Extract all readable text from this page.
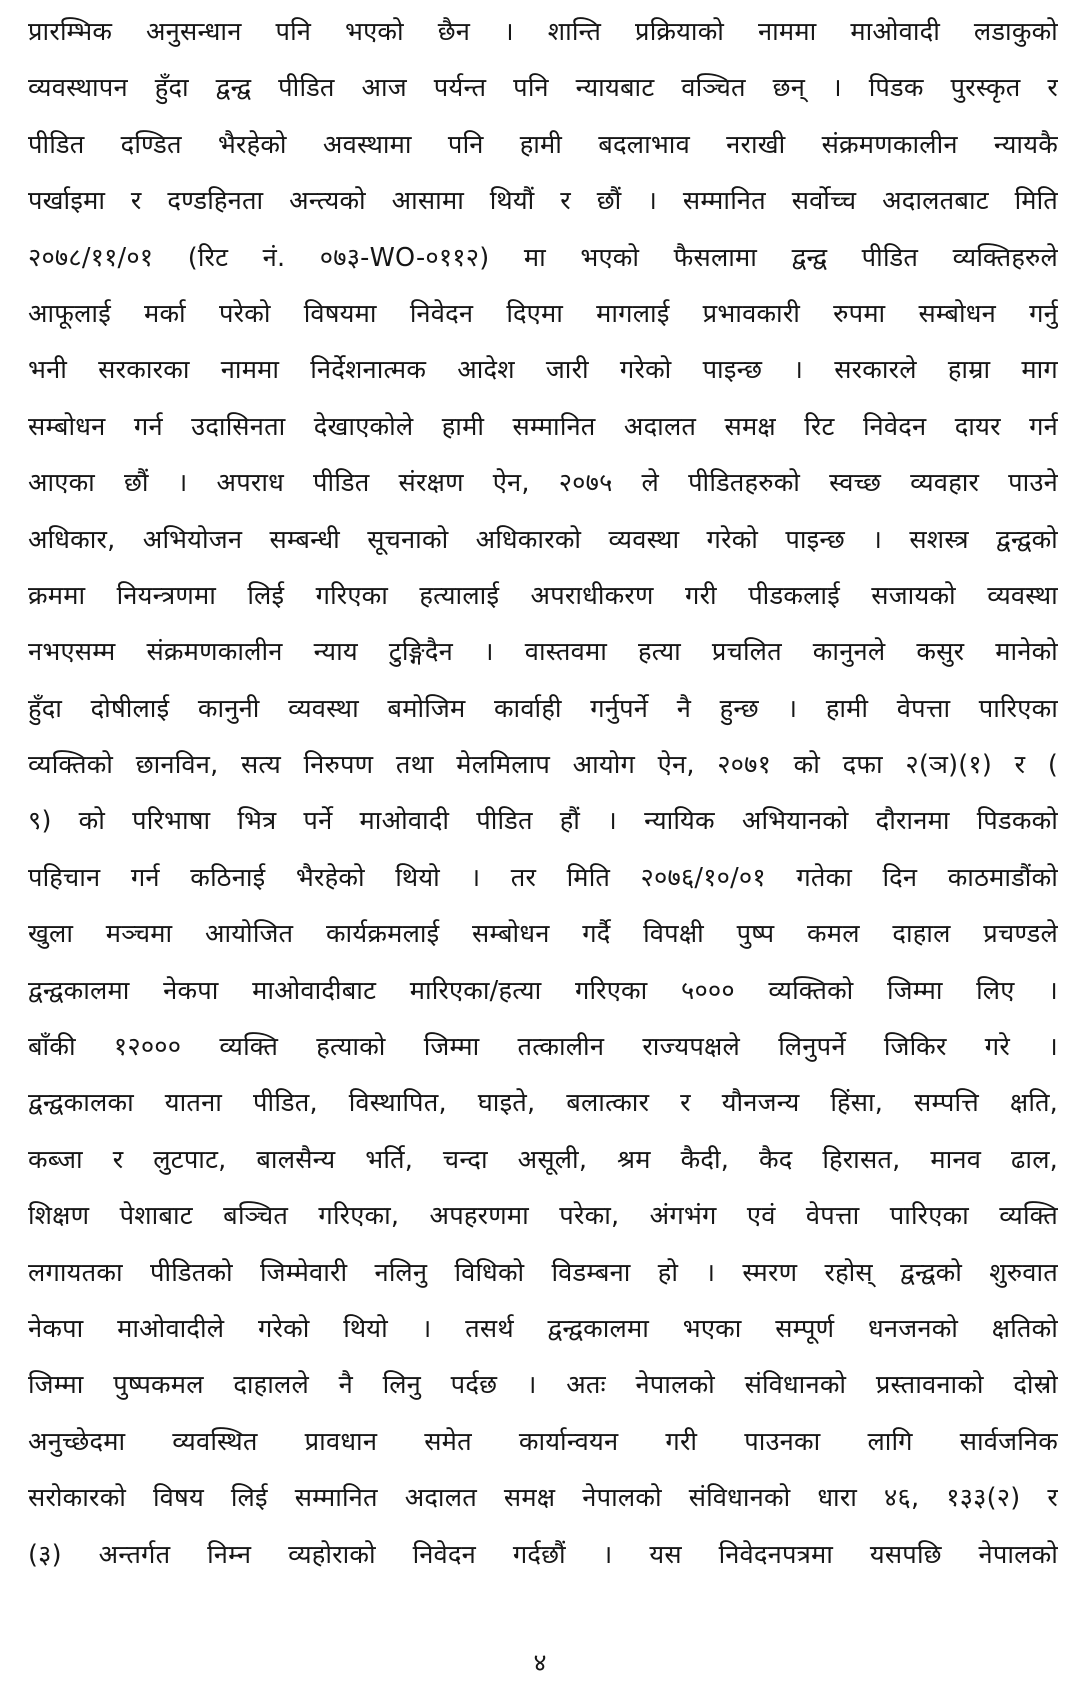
प्रारम्भिक अनुसन्धान पनि भएको छैन । शान्ति प्रक्रियाको नाममा माओवादी लडाकुको
व्यवस्थापन हुँदा द्वन्द्व पीडित आज पर्यन्त पनि न्यायबाट वञ्चित छन् । पिडक पुरस्कृत र
पीडित दण्डित भैरहेको अवस्थामा पनि हामी बदलाभाव नराखी संक्रमणकालीन न्यायकै
पर्खाइमा र दण्डहिनता अन्त्यको आसामा थियौं र छौं । सम्मानित सर्वोच्च अदालतबाट मिति
२०७८/११/०१ (रिट नं. ०७३-WO-०११२) मा भएको फैसलामा द्वन्द्व पीडित व्यक्तिहरुले
आफूलाई मर्का परेको विषयमा निवेदन दिएमा मागलाई प्रभावकारी रुपमा सम्बोधन गर्नु
भनी सरकारका नाममा निर्देशनात्मक आदेश जारी गरेको पाइन्छ । सरकारले हाम्रा माग
सम्बोधन गर्न उदासिनता देखाएकोले हामी सम्मानित अदालत समक्ष रिट निवेदन दायर गर्न
आएका छौं । अपराध पीडित संरक्षण ऐन, २०७५ ले पीडितहरुको स्वच्छ व्यवहार पाउने
अधिकार, अभियोजन सम्बन्धी सूचनाको अधिकारको व्यवस्था गरेको पाइन्छ । सशस्त्र द्वन्द्वको
क्रममा नियन्त्रणमा लिई गरिएका हत्यालाई अपराधीकरण गरी पीडकलाई सजायको व्यवस्था
नभएसम्म संक्रमणकालीन न्याय टुङ्गिदैन । वास्तवमा हत्या प्रचलित कानुनले कसुर मानेको
हुँदा दोषीलाई कानुनी व्यवस्था बमोजिम कार्वाही गर्नुपर्ने नै हुन्छ । हामी वेपत्ता पारिएका
व्यक्तिको छानविन, सत्य निरुपण तथा मेलमिलाप आयोग ऐन, २०७१ को दफा २(ञ)(१) र (
९) को परिभाषा भित्र पर्ने माओवादी पीडित हौं । न्यायिक अभियानको दौरानमा पिडकको
पहिचान गर्न कठिनाई भैरहेको थियो । तर मिति २०७६/१०/०१ गतेका दिन काठमाडौंको
खुला मञ्चमा आयोजित कार्यक्रमलाई सम्बोधन गर्दै विपक्षी पुष्प कमल दाहाल प्रचण्डले
द्वन्द्वकालमा नेकपा माओवादीबाट मारिएका/हत्या गरिएका ५००० व्यक्तिको जिम्मा लिए ।
बाँकी १२००० व्यक्ति हत्याको जिम्मा तत्कालीन राज्यपक्षले लिनुपर्ने जिकिर गरे ।
द्वन्द्वकालका यातना पीडित, विस्थापित, घाइते, बलात्कार र यौनजन्य हिंसा, सम्पत्ति क्षति,
कब्जा र लुटपाट, बालसैन्य भर्ति, चन्दा असूली, श्रम कैदी, कैद हिरासत, मानव ढाल,
शिक्षण पेशाबाट बञ्चित गरिएका, अपहरणमा परेका, अंगभंग एवं वेपत्ता पारिएका व्यक्ति
लगायतका पीडितको जिम्मेवारी नलिनु विधिको विडम्बना हो । स्मरण रहोस् द्वन्द्वको शुरुवात
नेकपा माओवादीले गरेको थियो । तसर्थ द्वन्द्वकालमा भएका सम्पूर्ण धनजनको क्षतिको
जिम्मा पुष्पकमल दाहालले नै लिनु पर्दछ । अतः नेपालको संविधानको प्रस्तावनाको दोस्रो
अनुच्छेदमा व्यवस्थित प्रावधान समेत कार्यान्वयन गरी पाउनका लागि सार्वजनिक
सरोकारको विषय लिई सम्मानित अदालत समक्ष नेपालको संविधानको धारा ४६, १३३(२) र
(३) अन्तर्गत निम्न व्यहोराको निवेदन गर्दछौं । यस निवेदनपत्रमा यसपछि नेपालको
४
